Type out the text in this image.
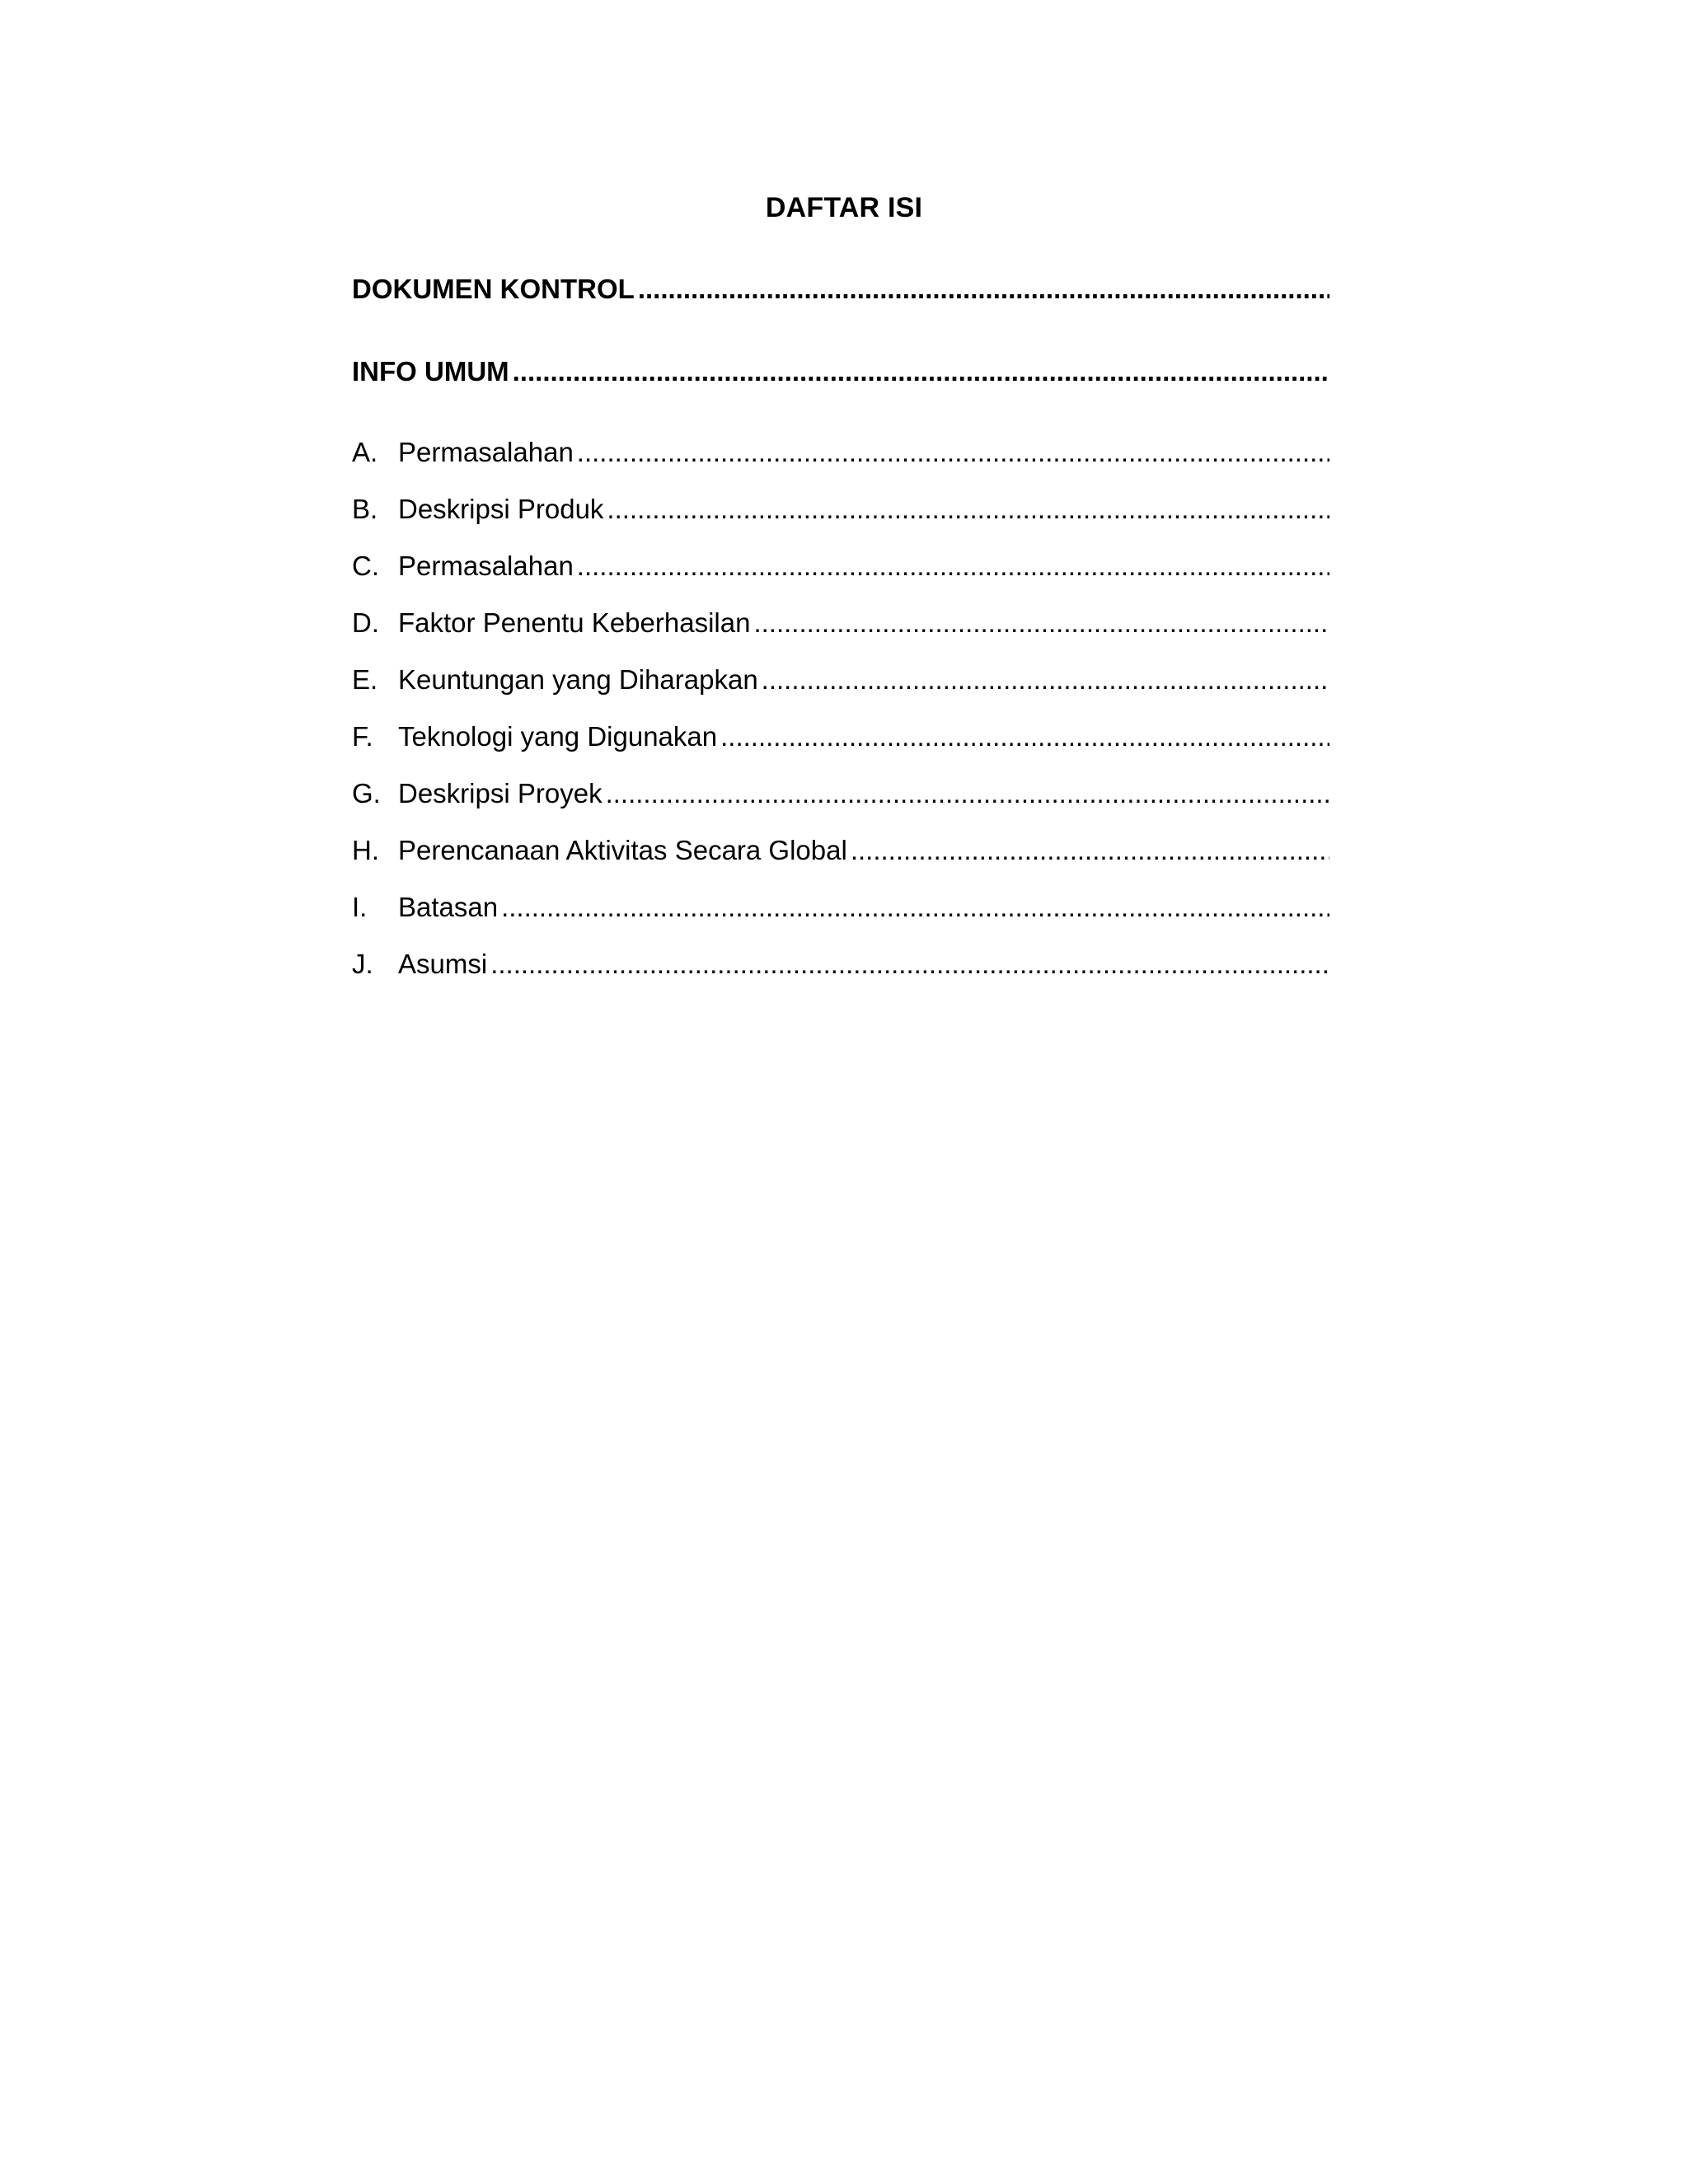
DAFTAR ISI
DOKUMEN KONTROL
.....
INFO UMUM
.....
A. Permasalahan
.....
B. Deskripsi Produk
.....
C. Permasalahan
.....
D. Faktor Penentu Keberhasilan
.....
E. Keuntungan yang Diharapkan
.....
F. Teknologi yang Digunakan
.....
G. Deskripsi Proyek
.....
H. Perencanaan Aktivitas Secara Global
.....
I.	Batasan
.....
J. Asumsi
.....
